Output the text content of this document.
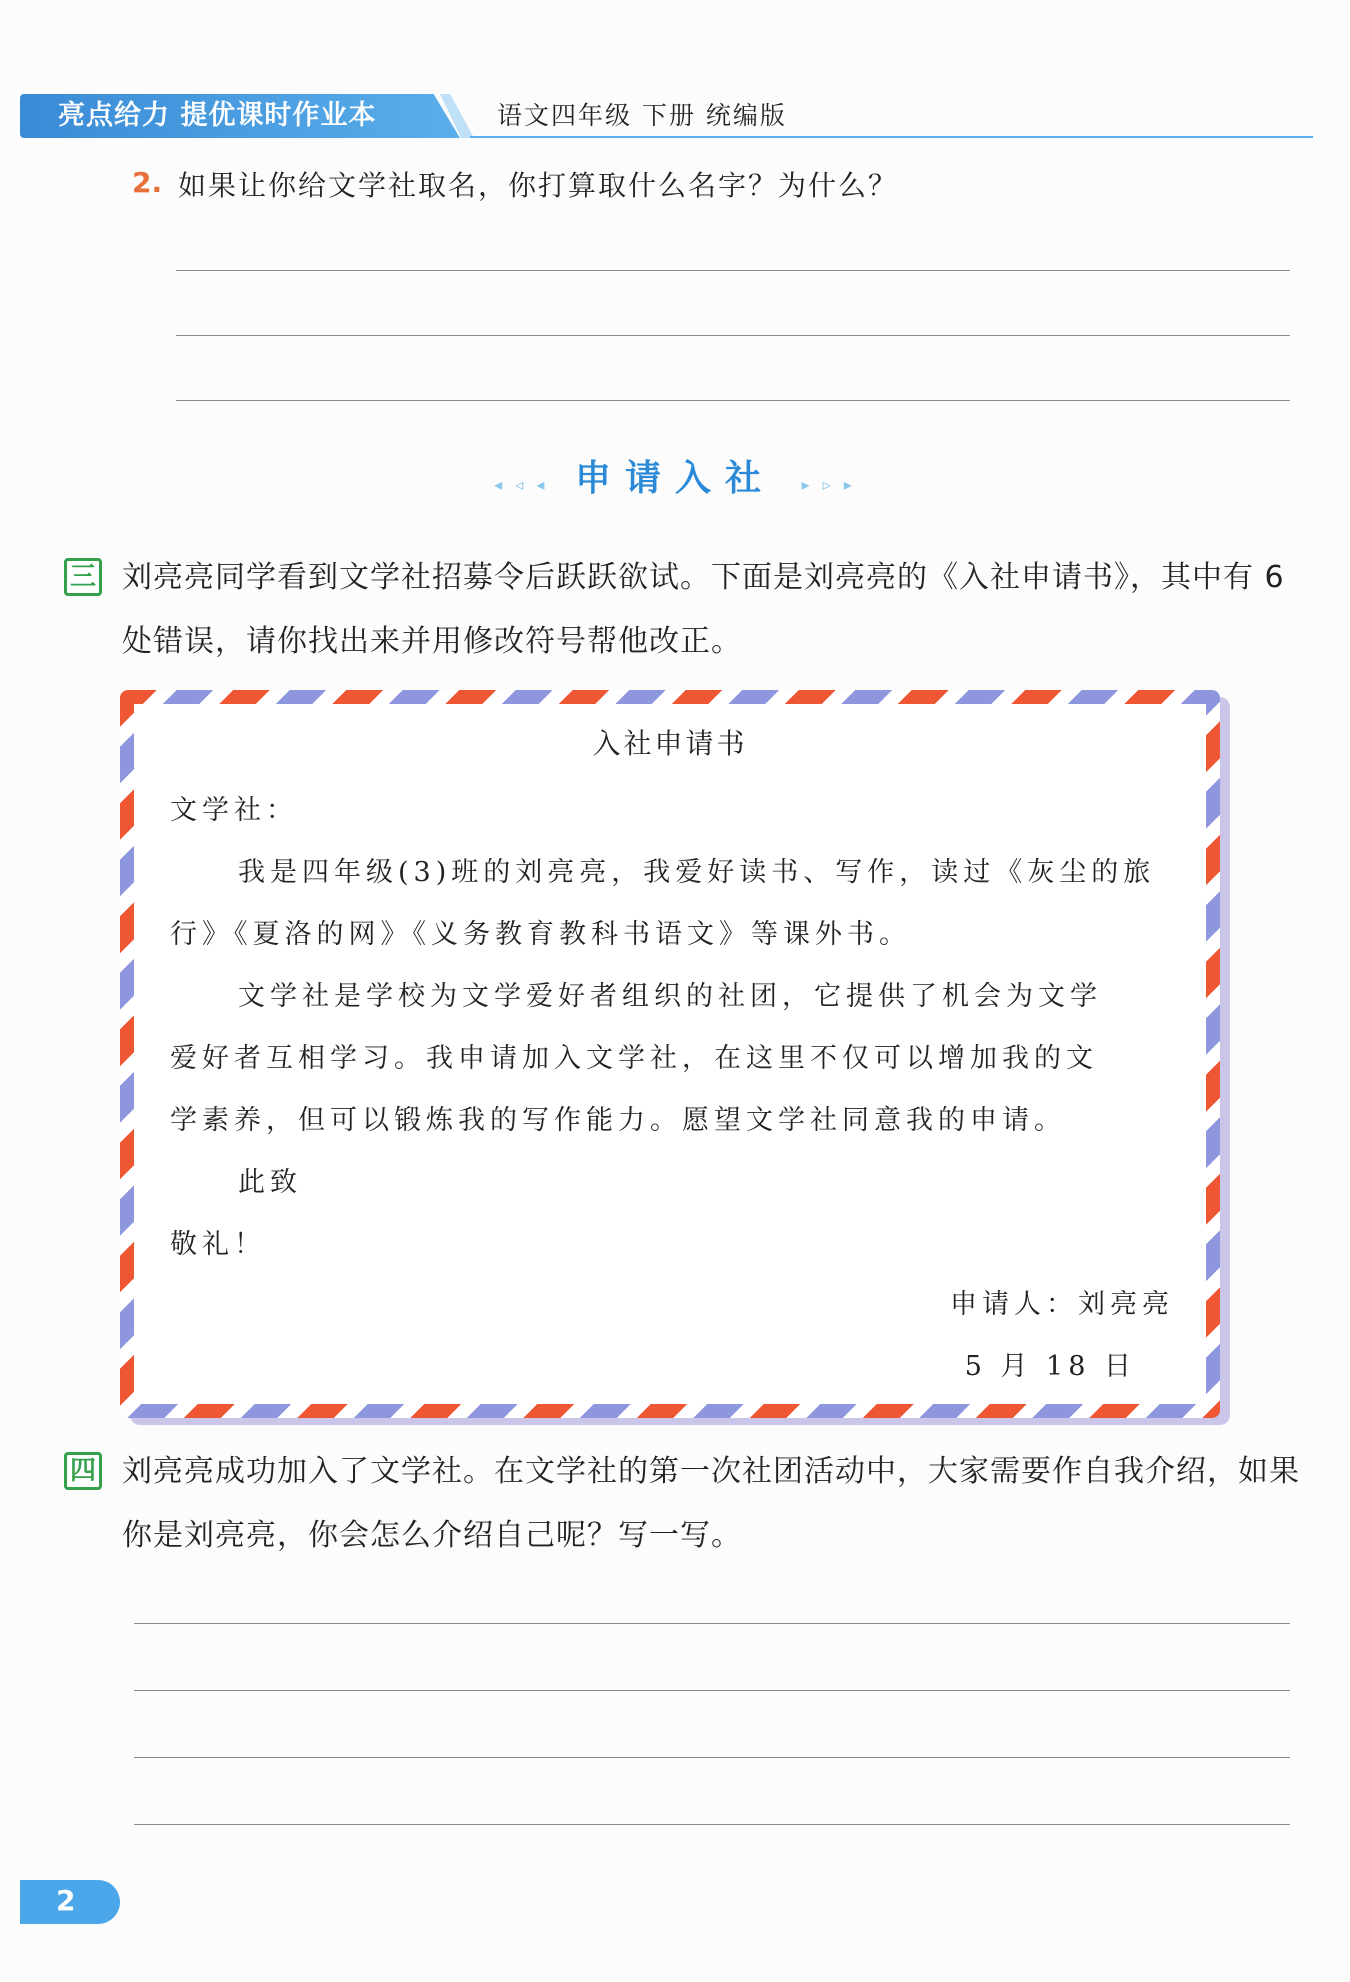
亮点给力 提优课时作业本	语文四年级 下册 统编版
2. 如果让你给文学社取名，你打算取什么名字？为什么？
◂ ◃ ◂ 申请入社 ▸ ▹ ▸
三 刘亮亮同学看到文学社招募令后跃跃欲试。下面是刘亮亮的《入社申请书》，其中有 6 处错误，请你找出来并用修改符号帮他改正。
入社申请书
文学社：
我是四年级(3)班的刘亮亮，我爱好读书、写作，读过《灰尘的旅
行》《夏洛的网》《义务教育教科书语文》等课外书。
文学社是学校为文学爱好者组织的社团，它提供了机会为文学
爱好者互相学习。我申请加入文学社，在这里不仅可以增加我的文
学素养，但可以锻炼我的写作能力。愿望文学社同意我的申请。
此致
敬礼！
申请人：刘亮亮
5 月 18 日
四 刘亮亮成功加入了文学社。在文学社的第一次社团活动中，大家需要作自我介绍，如果你是刘亮亮，你会怎么介绍自己呢？写一写。
2
